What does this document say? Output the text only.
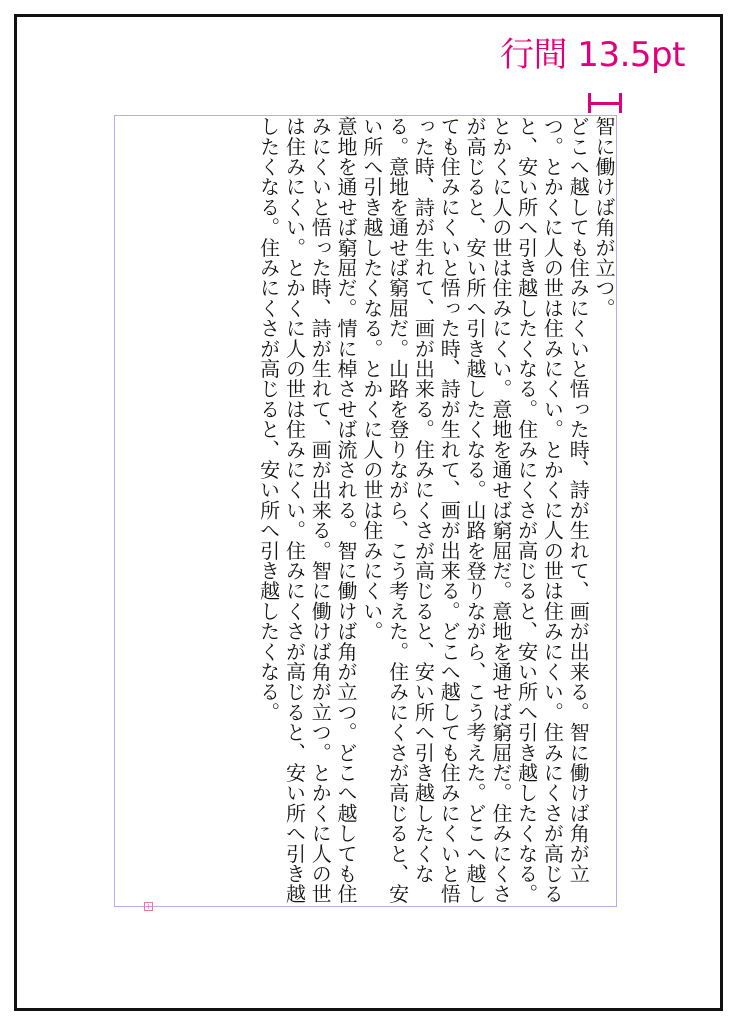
行間 13.5pt

智に働けば角が立つ。

どこへ越しても住みにくいと悟った時、詩が生れて、画が出来る。智に働けば角が立つ。とかくに人の世は住みにくい。とかくに人の世は住みにくい。住みにくさが高じると、安い所へ引き越したくなる。住みにくさが高じると、安い所へ引き越したくなる。

とかくに人の世は住みにくい。意地を通せば窮屈だ。意地を通せば窮屈だ。住みにくさが高じると、安い所へ引き越したくなる。山路を登りながら、こう考えた。どこへ越しても住みにくいと悟った時、詩が生れて、画が出来る。どこへ越しても住みにくいと悟った時、詩が生れて、画が出来る。住みにくさが高じると、安い所へ引き越したくなる。意地を通せば窮屈だ。山路を登りながら、こう考えた。住みにくさが高じると、安い所へ引き越したくなる。とかくに人の世は住みにくい。

意地を通せば窮屈だ。情に棹させば流される。智に働けば角が立つ。どこへ越しても住みにくいと悟った時、詩が生れて、画が出来る。智に働けば角が立つ。とかくに人の世は住みにくい。とかくに人の世は住みにくい。住みにくさが高じると、安い所へ引き越したくなる。住みにくさが高じると、安い所へ引き越したくなる。

+
